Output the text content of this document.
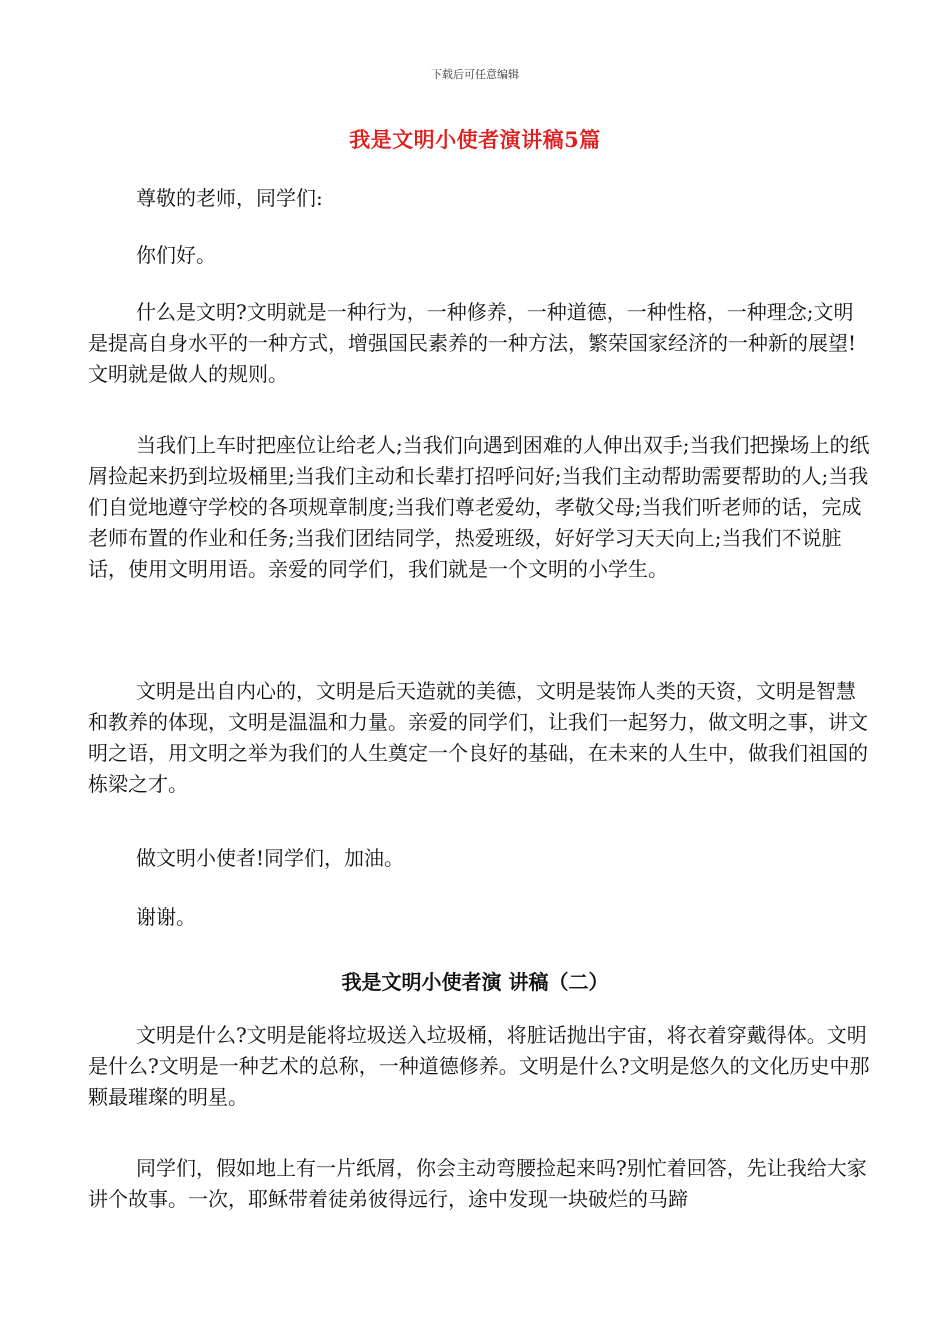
下载后可任意编辑
我是文明小使者演讲稿5篇
尊敬的老师，同学们:
你们好。
什么是文明?文明就是一种行为，一种修养，一种道德，一种性格，一种理念;文明是提高自身水平的一种方式，增强国民素养的一种方法，繁荣国家经济的一种新的展望!文明就是做人的规则。
当我们上车时把座位让给老人;当我们向遇到困难的人伸出双手;当我们把操场上的纸屑捡起来扔到垃圾桶里;当我们主动和长辈打招呼问好;当我们主动帮助需要帮助的人;当我们自觉地遵守学校的各项规章制度;当我们尊老爱幼，孝敬父母;当我们听老师的话，完成老师布置的作业和任务;当我们团结同学，热爱班级，好好学习天天向上;当我们不说脏话，使用文明用语。亲爱的同学们，我们就是一个文明的小学生。
文明是出自内心的，文明是后天造就的美德，文明是装饰人类的天资，文明是智慧和教养的体现，文明是温温和力量。亲爱的同学们，让我们一起努力，做文明之事，讲文明之语，用文明之举为我们的人生奠定一个良好的基础，在未来的人生中，做我们祖国的栋梁之才。
做文明小使者!同学们，加油。
谢谢。
我是文明小使者演 讲稿（二）
文明是什么?文明是能将垃圾送入垃圾桶，将脏话抛出宇宙，将衣着穿戴得体。文明是什么?文明是一种艺术的总称，一种道德修养。文明是什么?文明是悠久的文化历史中那颗最璀璨的明星。
同学们，假如地上有一片纸屑，你会主动弯腰捡起来吗?别忙着回答，先让我给大家讲个故事。一次，耶稣带着徒弟彼得远行，途中发现一块破烂的马蹄
